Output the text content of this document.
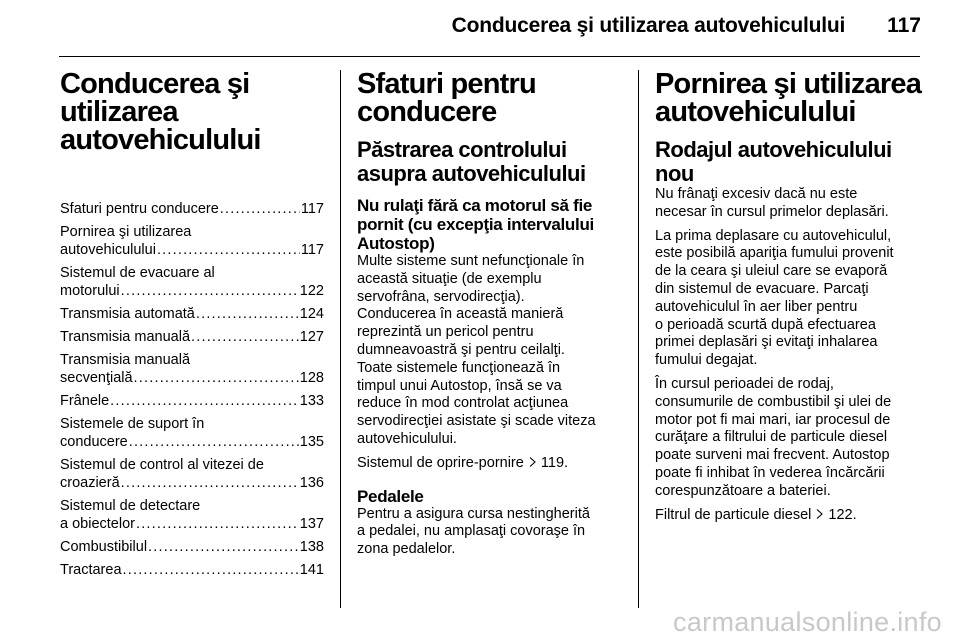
Conducerea şi utilizarea autovehiculului 117
Conducerea şi
utilizarea
autovehiculului
Sfaturi pentru conducere .....	117
Pornirea şi utilizarea
autovehiculului .....	117
Sistemul de evacuare al
motorului .....	122
Transmisia automată .....	124
Transmisia manuală .....	127
Transmisia manuală
secvenţială .....	128
Frânele .....	133
Sistemele de suport în
conducere .....	135
Sistemul de control al vitezei de
croazieră .....	136
Sistemul de detectare
a obiectelor .....	137
Combustibilul .....	138
Tractarea .....	141
Sfaturi pentru
conducere
Păstrarea controlului
asupra autovehiculului
Nu rulaţi fără ca motorul să fie
pornit (cu excepţia intervalului
Autostop)

Multe sisteme sunt nefuncţionale în
această situaţie (de exemplu
servofrâna, servodirecţia).
Conducerea în această manieră
reprezintă un pericol pentru
dumneavoastră şi pentru ceilalţi.
Toate sistemele funcţionează în
timpul unui Autostop, însă se va
reduce în mod controlat acţiunea
servodirecţiei asistate şi scade viteza
autovehiculului.

Sistemul de oprire-pornire 119.

Pedalele

Pentru a asigura cursa nestingherită
a pedalei, nu amplasaţi covoraşe în
zona pedalelor.

Pornirea şi utilizarea
autovehiculului
Rodajul autovehiculului
nou

Nu frânaţi excesiv dacă nu este
necesar în cursul primelor deplasări.

La prima deplasare cu autovehiculul,
este posibilă apariţia fumului provenit
de la ceara şi uleiul care se evaporă
din sistemul de evacuare. Parcaţi
autovehiculul în aer liber pentru
o perioadă scurtă după efectuarea
primei deplasări şi evitaţi inhalarea
fumului degajat.

În cursul perioadei de rodaj,
consumurile de combustibil şi ulei de
motor pot fi mai mari, iar procesul de
curăţare a filtrului de particule diesel
poate surveni mai frecvent. Autostop
poate fi inhibat în vederea încărcării
corespunzătoare a bateriei.

Filtrul de particule diesel 122.

carmanualsonline.info
